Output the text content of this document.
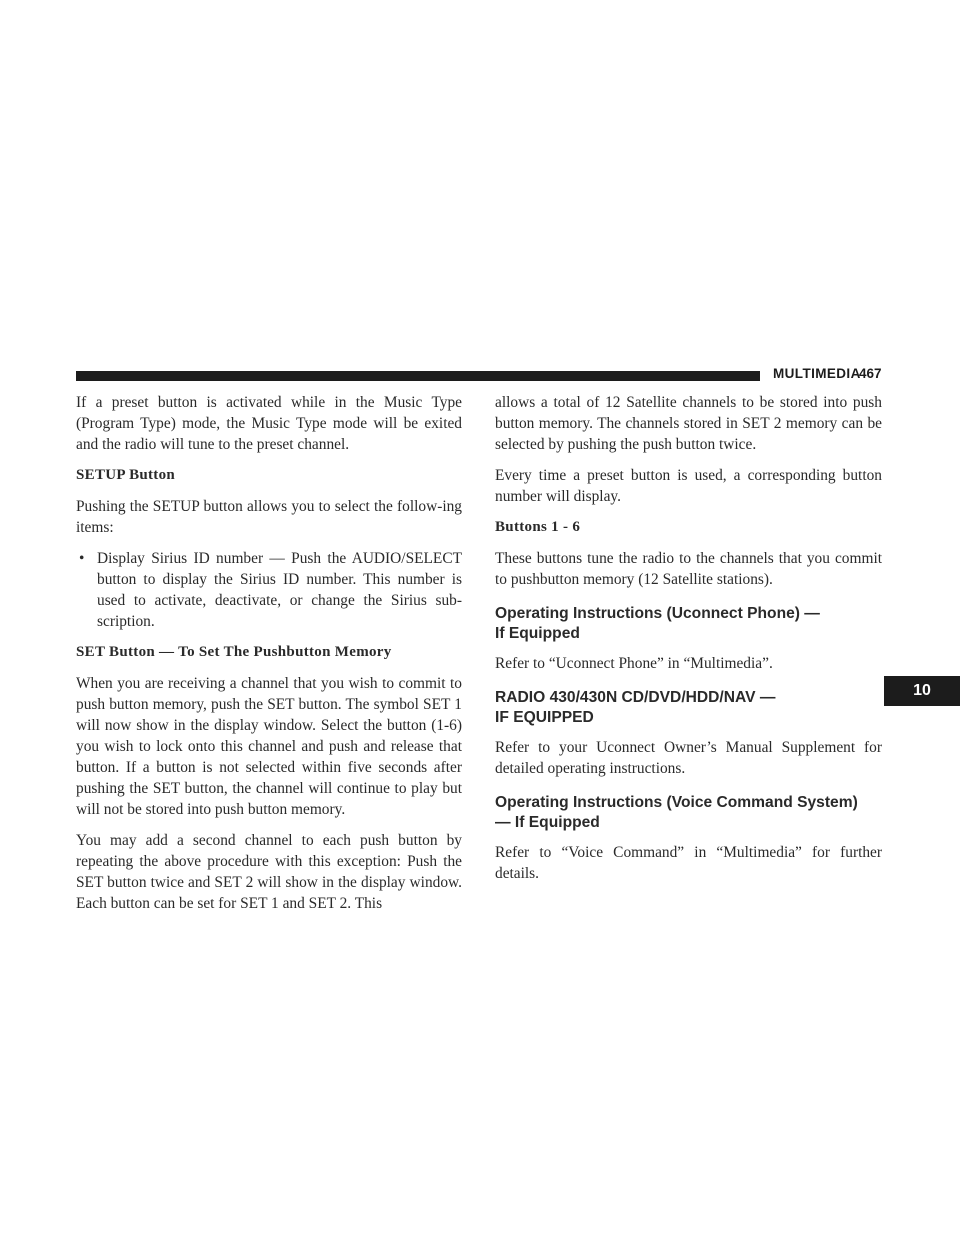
MULTIMEDIA
467

If a preset button is activated while in the Music Type (Program Type) mode, the Music Type mode will be exited and the radio will tune to the preset channel.

SETUP Button

Pushing the SETUP button allows you to select the follow-ing items:

• Display Sirius ID number — Push the AUDIO/SELECT button to display the Sirius ID number. This number is used to activate, deactivate, or change the Sirius sub-scription.

SET Button — To Set The Pushbutton Memory

When you are receiving a channel that you wish to commit to push button memory, push the SET button. The symbol SET 1 will now show in the display window. Select the button (1-6) you wish to lock onto this channel and push and release that button. If a button is not selected within five seconds after pushing the SET button, the channel will continue to play but will not be stored into push button memory.

You may add a second channel to each push button by repeating the above procedure with this exception: Push the SET button twice and SET 2 will show in the display window. Each button can be set for SET 1 and SET 2. This

allows a total of 12 Satellite channels to be stored into push button memory. The channels stored in SET 2 memory can be selected by pushing the push button twice.

Every time a preset button is used, a corresponding button number will display.

Buttons 1 - 6

These buttons tune the radio to the channels that you commit to pushbutton memory (12 Satellite stations).

Operating Instructions (Uconnect Phone) —
If Equipped

Refer to “Uconnect Phone” in “Multimedia”.

RADIO 430/430N CD/DVD/HDD/NAV —
IF EQUIPPED

Refer to your Uconnect Owner’s Manual Supplement for detailed operating instructions.

Operating Instructions (Voice Command System)
— If Equipped

Refer to “Voice Command” in “Multimedia” for further details.

10
